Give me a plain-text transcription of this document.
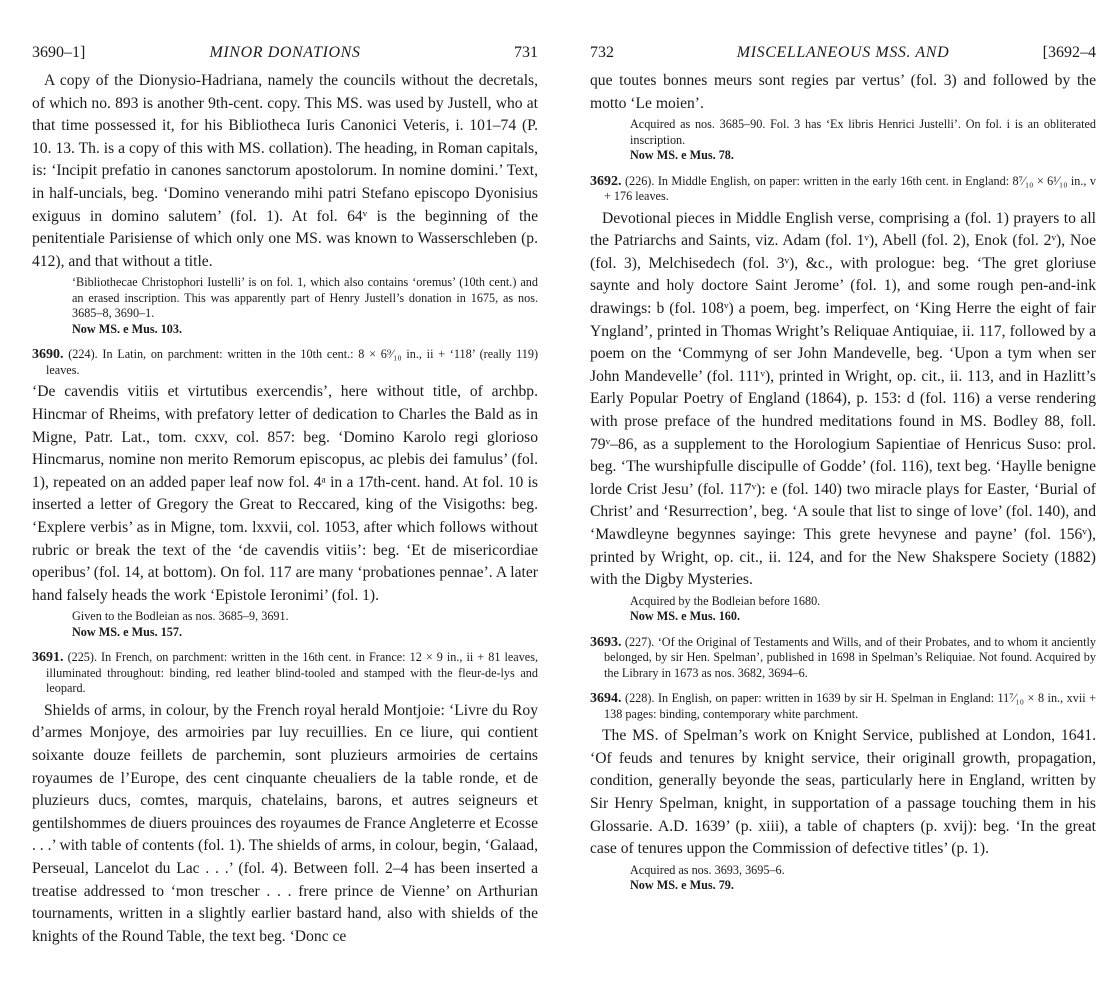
3690–1]	MINOR DONATIONS	731

A copy of the Dionysio-Hadriana, namely the councils without the decretals, of which no. 893 is another 9th-cent. copy. This MS. was used by Justell, who at that time possessed it, for his Bibliotheca Iuris Canonici Veteris, i. 101–74 (P. 10. 13. Th. is a copy of this with MS. collation). The heading, in Roman capitals, is: ‘Incipit prefatio in canones sanctorum apostolorum. In nomine domini.’ Text, in half-uncials, beg. ‘Domino venerando mihi patri Stefano episcopo Dyonisius exiguus in domino salutem’ (fol. 1). At fol. 64ᵛ is the beginning of the penitentiale Parisiense of which only one MS. was known to Wasserschleben (p. 412), and that without a title.

‘Bibliothecae Christophori Iustelli’ is on fol. 1, which also contains ‘oremus’ (10th cent.) and an erased inscription. This was apparently part of Henry Justell’s donation in 1675, as nos. 3685–8, 3690–1.
Now MS. e Mus. 103.

3690. (224). In Latin, on parchment: written in the 10th cent.: 8 × 6⁹⁄₁₀ in., ii + ‘118’ (really 119) leaves.

‘De cavendis vitiis et virtutibus exercendis’, here without title, of archbp. Hincmar of Rheims, with prefatory letter of dedication to Charles the Bald as in Migne, Patr. Lat., tom. cxxv, col. 857: beg. ‘Domino Karolo regi glorioso Hincmarus, nomine non merito Remorum episcopus, ac plebis dei famulus’ (fol. 1), repeated on an added paper leaf now fol. 4ᵃ in a 17th-cent. hand. At fol. 10 is inserted a letter of Gregory the Great to Reccared, king of the Visigoths: beg. ‘Explere verbis’ as in Migne, tom. lxxvii, col. 1053, after which follows without rubric or break the text of the ‘de cavendis vitiis’: beg. ‘Et de misericordiae operibus’ (fol. 14, at bottom). On fol. 117 are many ‘probationes pennae’. A later hand falsely heads the work ‘Epistole Ieronimi’ (fol. 1).

Given to the Bodleian as nos. 3685–9, 3691.
Now MS. e Mus. 157.

3691. (225). In French, on parchment: written in the 16th cent. in France: 12 × 9 in., ii + 81 leaves, illuminated throughout: binding, red leather blind-tooled and stamped with the fleur-de-lys and leopard.

Shields of arms, in colour, by the French royal herald Montjoie: ‘Livre du Roy d’armes Monjoye, des armoiries par luy recuillies. En ce liure, qui contient soixante douze feillets de parchemin, sont pluzieurs armoiries de certains royaumes de l’Europe, des cent cinquante cheualiers de la table ronde, et de pluzieurs ducs, comtes, marquis, chatelains, barons, et autres seigneurs et gentilshommes de diuers prouinces des royaumes de France Angleterre et Ecosse . . .’ with table of contents (fol. 1). The shields of arms, in colour, begin, ‘Galaad, Perseual, Lancelot du Lac . . .’ (fol. 4). Between foll. 2–4 has been inserted a treatise addressed to ‘mon trescher . . . frere prince de Vienne’ on Arthurian tournaments, written in a slightly earlier bastard hand, also with shields of the knights of the Round Table, the text beg. ‘Donc ce

732	MISCELLANEOUS MSS. AND	[3692–4

que toutes bonnes meurs sont regies par vertus’ (fol. 3) and followed by the motto ‘Le moien’.

Acquired as nos. 3685–90. Fol. 3 has ‘Ex libris Henrici Justelli’. On fol. i is an obliterated inscription.
Now MS. e Mus. 78.

3692. (226). In Middle English, on paper: written in the early 16th cent. in England: 8⁷⁄₁₀ × 6¹⁄₁₀ in., v + 176 leaves.

Devotional pieces in Middle English verse, comprising a (fol. 1) prayers to all the Patriarchs and Saints, viz. Adam (fol. 1ᵛ), Abell (fol. 2), Enok (fol. 2ᵛ), Noe (fol. 3), Melchisedech (fol. 3ᵛ), &c., with prologue: beg. ‘The gret gloriuse saynte and holy doctore Saint Jerome’ (fol. 1), and some rough pen-and-ink drawings: b (fol. 108ᵛ) a poem, beg. imperfect, on ‘King Herre the eight of fair Yngland’, printed in Thomas Wright’s Reliquae Antiquiae, ii. 117, followed by a poem on the ‘Commyng of ser John Mandevelle, beg. ‘Upon a tym when ser John Mandevelle’ (fol. 111ᵛ), printed in Wright, op. cit., ii. 113, and in Hazlitt’s Early Popular Poetry of England (1864), p. 153: d (fol. 116) a verse rendering with prose preface of the hundred meditations found in MS. Bodley 88, foll. 79ᵛ–86, as a supplement to the Horologium Sapientiae of Henricus Suso: prol. beg. ‘The wurshipfulle discipulle of Godde’ (fol. 116), text beg. ‘Haylle benigne lorde Crist Jesu’ (fol. 117ᵛ): e (fol. 140) two miracle plays for Easter, ‘Burial of Christ’ and ‘Resurrection’, beg. ‘A soule that list to singe of love’ (fol. 140), and ‘Mawdleyne begynnes sayinge: This grete hevynese and payne’ (fol. 156ᵛ), printed by Wright, op. cit., ii. 124, and for the New Shakspere Society (1882) with the Digby Mysteries.

Acquired by the Bodleian before 1680.
Now MS. e Mus. 160.

3693. (227). ‘Of the Original of Testaments and Wills, and of their Probates, and to whom it anciently belonged, by sir Hen. Spelman’, published in 1698 in Spelman’s Reliquiae. Not found. Acquired by the Library in 1673 as nos. 3682, 3694–6.
3694. (228). In English, on paper: written in 1639 by sir H. Spelman in England: 11⁷⁄₁₀ × 8 in., xvii + 138 pages: binding, contemporary white parchment.

The MS. of Spelman’s work on Knight Service, published at London, 1641. ‘Of feuds and tenures by knight service, their originall growth, propagation, condition, generally beyonde the seas, particularly here in England, written by Sir Henry Spelman, knight, in supportation of a passage touching them in his Glossarie. A.D. 1639’ (p. xiii), a table of chapters (p. xvij): beg. ‘In the great case of tenures uppon the Commission of defective titles’ (p. 1).

Acquired as nos. 3693, 3695–6.
Now MS. e Mus. 79.
